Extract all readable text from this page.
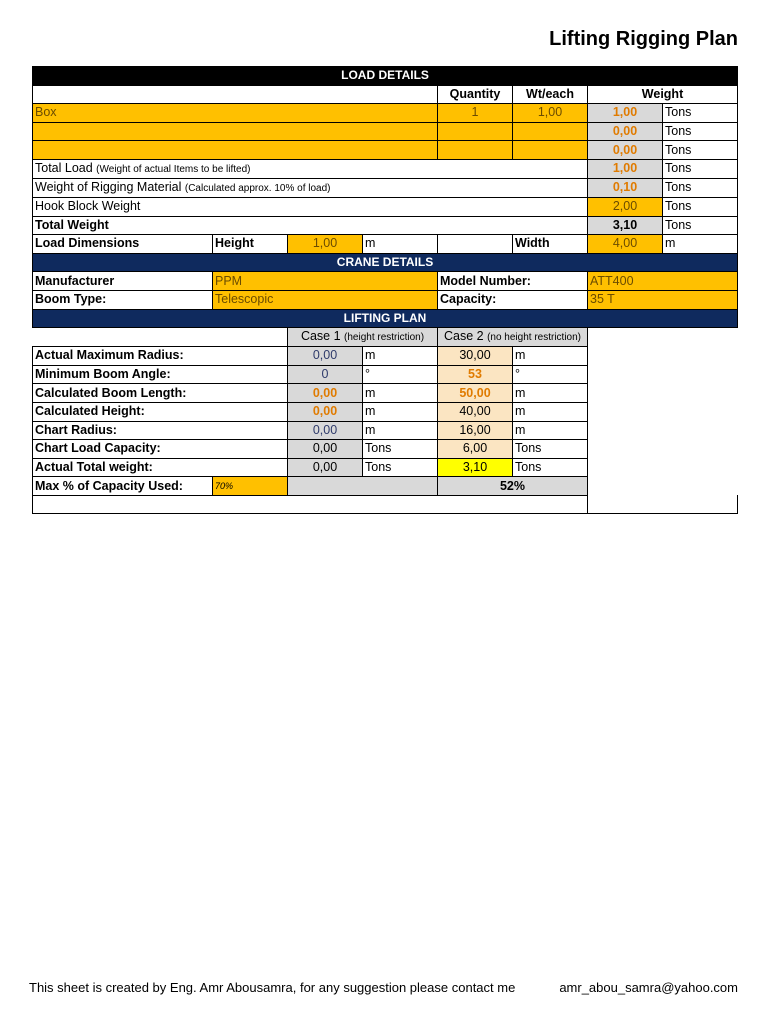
Lifting Rigging Plan
LOAD DETAILS							
				Quantity	Wt/each	Weight	
Box				1	1,00	1,00	Tons
						0,00	Tons
						0,00	Tons
Total Load (Weight of actual Items to be lifted)						1,00	Tons
Weight of Rigging Material (Calculated approx. 10% of load)						0,10	Tons
Hook Block Weight						2,00	Tons
Total Weight						3,10	Tons
Load Dimensions	Height	1,00	m		Width	4,00	m
CRANE DETAILS							
Manufacturer	PPM			Model Number:		ATT400	
Boom Type:	Telescopic			Capacity:		35 T	
LIFTING PLAN							
		Case 1 (height restriction)		Case 2 (no height restriction)			
Actual Maximum Radius:		0,00	m	30,00	m		
Minimum Boom Angle:		0	°	53	°		
Calculated Boom Length:		0,00	m	50,00	m		
Calculated Height:		0,00	m	40,00	m		
Chart Radius:		0,00	m	16,00	m		
Chart Load Capacity:		0,00	Tons	6,00	Tons		
Actual Total weight:		0,00	Tons	3,10	Tons		
Max % of Capacity Used:	70%			52%			

This sheet is created by Eng. Amr Abousamra, for any suggestion please contact me	amr_abou_samra@yahoo.com
